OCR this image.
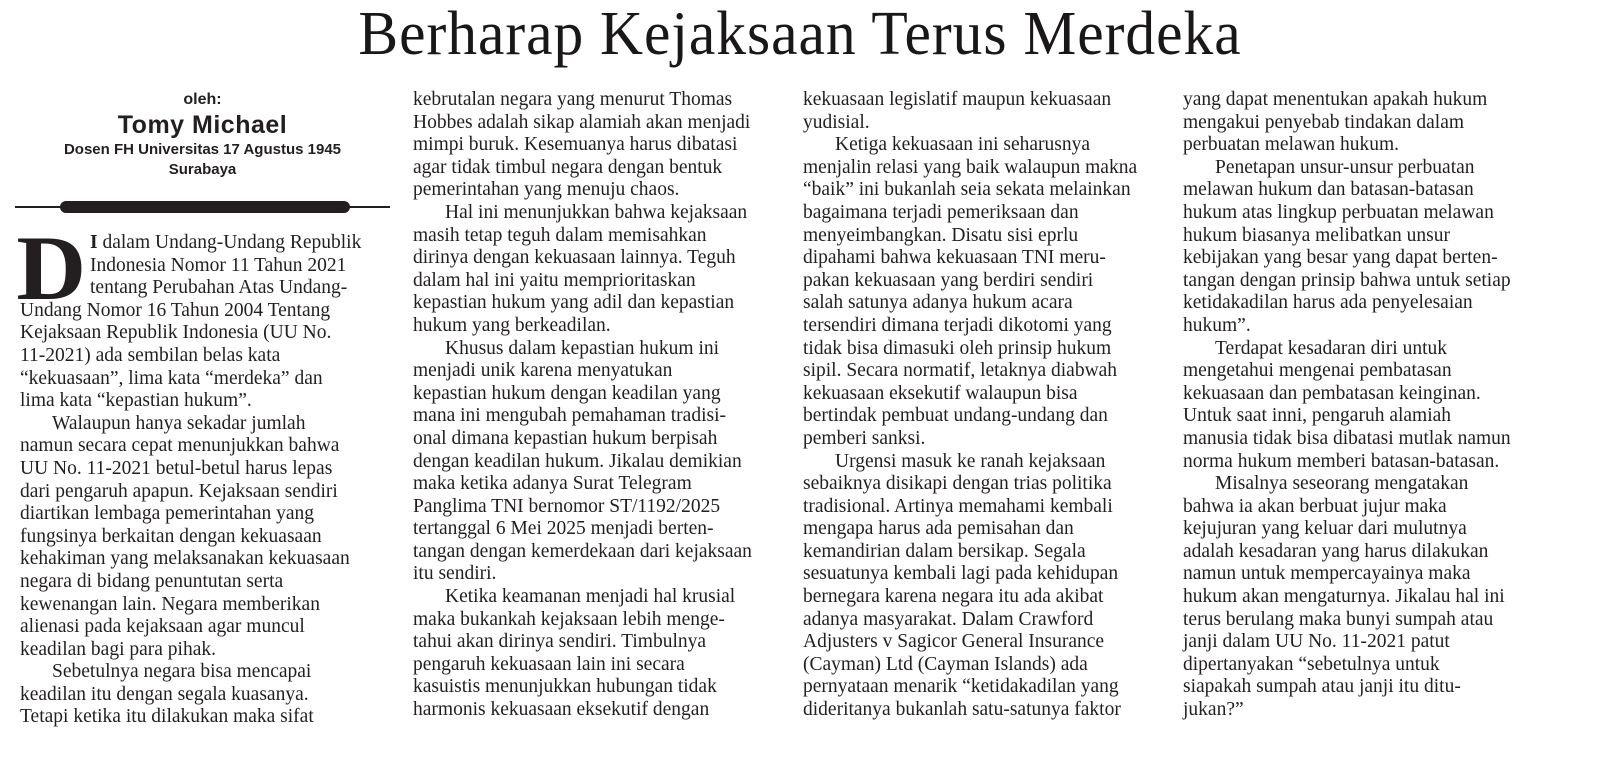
Berharap Kejaksaan Terus Merdeka
oleh:
Tomy Michael
Dosen FH Universitas 17 Agustus 1945
Surabaya
D I dalam Undang-Undang Republik
Indonesia Nomor 11 Tahun 2021
tentang Perubahan Atas Undang-
Undang Nomor 16 Tahun 2004 Tentang
Kejaksaan Republik Indonesia (UU No.
11-2021) ada sembilan belas kata
“kekuasaan”, lima kata “merdeka” dan
lima kata “kepastian hukum”.
Walaupun hanya sekadar jumlah
namun secara cepat menunjukkan bahwa
UU No. 11-2021 betul-betul harus lepas
dari pengaruh apapun. Kejaksaan sendiri
diartikan lembaga pemerintahan yang
fungsinya berkaitan dengan kekuasaan
kehakiman yang melaksanakan kekuasaan
negara di bidang penuntutan serta
kewenangan lain. Negara memberikan
alienasi pada kejaksaan agar muncul
keadilan bagi para pihak.
Sebetulnya negara bisa mencapai
keadilan itu dengan segala kuasanya.
Tetapi ketika itu dilakukan maka sifat
kebrutalan negara yang menurut Thomas
Hobbes adalah sikap alamiah akan menjadi
mimpi buruk. Kesemuanya harus dibatasi
agar tidak timbul negara dengan bentuk
pemerintahan yang menuju chaos.
Hal ini menunjukkan bahwa kejaksaan
masih tetap teguh dalam memisahkan
dirinya dengan kekuasaan lainnya. Teguh
dalam hal ini yaitu memprioritaskan
kepastian hukum yang adil dan kepastian
hukum yang berkeadilan.
Khusus dalam kepastian hukum ini
menjadi unik karena menyatukan
kepastian hukum dengan keadilan yang
mana ini mengubah pemahaman tradisi-
onal dimana kepastian hukum berpisah
dengan keadilan hukum. Jikalau demikian
maka ketika adanya Surat Telegram
Panglima TNI bernomor ST/1192/2025
tertanggal 6 Mei 2025 menjadi berten-
tangan dengan kemerdekaan dari kejaksaan
itu sendiri.
Ketika keamanan menjadi hal krusial
maka bukankah kejaksaan lebih menge-
tahui akan dirinya sendiri. Timbulnya
pengaruh kekuasaan lain ini secara
kasuistis menunjukkan hubungan tidak
harmonis kekuasaan eksekutif dengan
kekuasaan legislatif maupun kekuasaan
yudisial.
Ketiga kekuasaan ini seharusnya
menjalin relasi yang baik walaupun makna
“baik” ini bukanlah seia sekata melainkan
bagaimana terjadi pemeriksaan dan
menyeimbangkan. Disatu sisi eprlu
dipahami bahwa kekuasaan TNI meru-
pakan kekuasaan yang berdiri sendiri
salah satunya adanya hukum acara
tersendiri dimana terjadi dikotomi yang
tidak bisa dimasuki oleh prinsip hukum
sipil. Secara normatif, letaknya diabwah
kekuasaan eksekutif walaupun bisa
bertindak pembuat undang-undang dan
pemberi sanksi.
Urgensi masuk ke ranah kejaksaan
sebaiknya disikapi dengan trias politika
tradisional. Artinya memahami kembali
mengapa harus ada pemisahan dan
kemandirian dalam bersikap. Segala
sesuatunya kembali lagi pada kehidupan
bernegara karena negara itu ada akibat
adanya masyarakat. Dalam Crawford
Adjusters v Sagicor General Insurance
(Cayman) Ltd (Cayman Islands) ada
pernyataan menarik “ketidakadilan yang
dideritanya bukanlah satu-satunya faktor
yang dapat menentukan apakah hukum
mengakui penyebab tindakan dalam
perbuatan melawan hukum.
Penetapan unsur-unsur perbuatan
melawan hukum dan batasan-batasan
hukum atas lingkup perbuatan melawan
hukum biasanya melibatkan unsur
kebijakan yang besar yang dapat berten-
tangan dengan prinsip bahwa untuk setiap
ketidakadilan harus ada penyelesaian
hukum”.
Terdapat kesadaran diri untuk
mengetahui mengenai pembatasan
kekuasaan dan pembatasan keinginan.
Untuk saat inni, pengaruh alamiah
manusia tidak bisa dibatasi mutlak namun
norma hukum memberi batasan-batasan.
Misalnya seseorang mengatakan
bahwa ia akan berbuat jujur maka
kejujuran yang keluar dari mulutnya
adalah kesadaran yang harus dilakukan
namun untuk mempercayainya maka
hukum akan mengaturnya. Jikalau hal ini
terus berulang maka bunyi sumpah atau
janji dalam UU No. 11-2021 patut
dipertanyakan “sebetulnya untuk
siapakah sumpah atau janji itu ditu-
jukan?”
